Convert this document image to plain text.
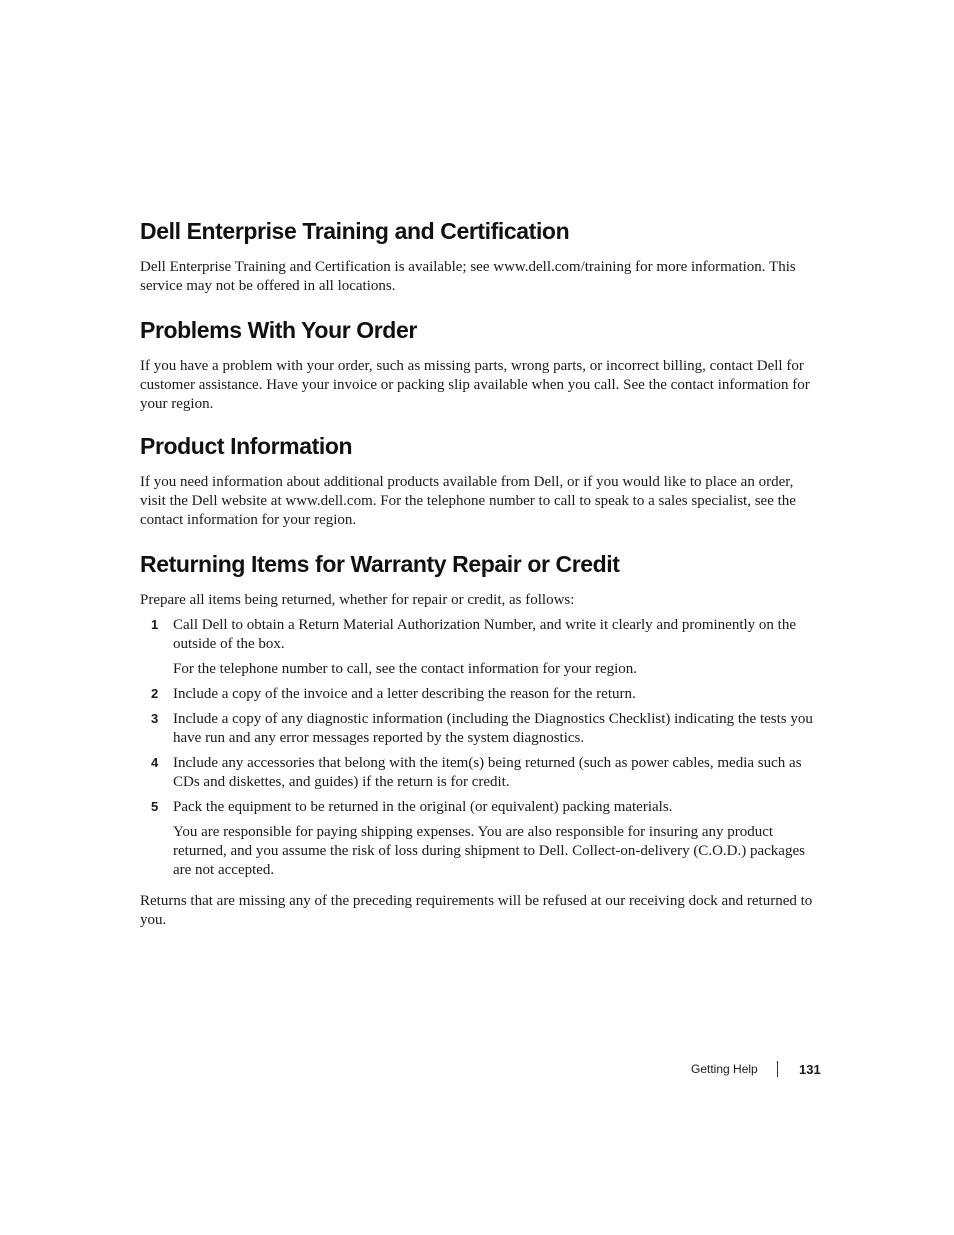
Dell Enterprise Training and Certification

Dell Enterprise Training and Certification is available; see www.dell.com/training for more information. This service may not be offered in all locations.

Problems With Your Order

If you have a problem with your order, such as missing parts, wrong parts, or incorrect billing, contact Dell for customer assistance. Have your invoice or packing slip available when you call. See the contact information for your region.

Product Information

If you need information about additional products available from Dell, or if you would like to place an order, visit the Dell website at www.dell.com. For the telephone number to call to speak to a sales specialist, see the contact information for your region.

Returning Items for Warranty Repair or Credit

Prepare all items being returned, whether for repair or credit, as follows:

1 Call Dell to obtain a Return Material Authorization Number, and write it clearly and prominently on the outside of the box.
For the telephone number to call, see the contact information for your region.
2 Include a copy of the invoice and a letter describing the reason for the return.
3 Include a copy of any diagnostic information (including the Diagnostics Checklist) indicating the tests you have run and any error messages reported by the system diagnostics.
4 Include any accessories that belong with the item(s) being returned (such as power cables, media such as CDs and diskettes, and guides) if the return is for credit.
5 Pack the equipment to be returned in the original (or equivalent) packing materials.
You are responsible for paying shipping expenses. You are also responsible for insuring any product returned, and you assume the risk of loss during shipment to Dell. Collect-on-delivery (C.O.D.) packages are not accepted.

Returns that are missing any of the preceding requirements will be refused at our receiving dock and returned to you.

Getting Help	131
